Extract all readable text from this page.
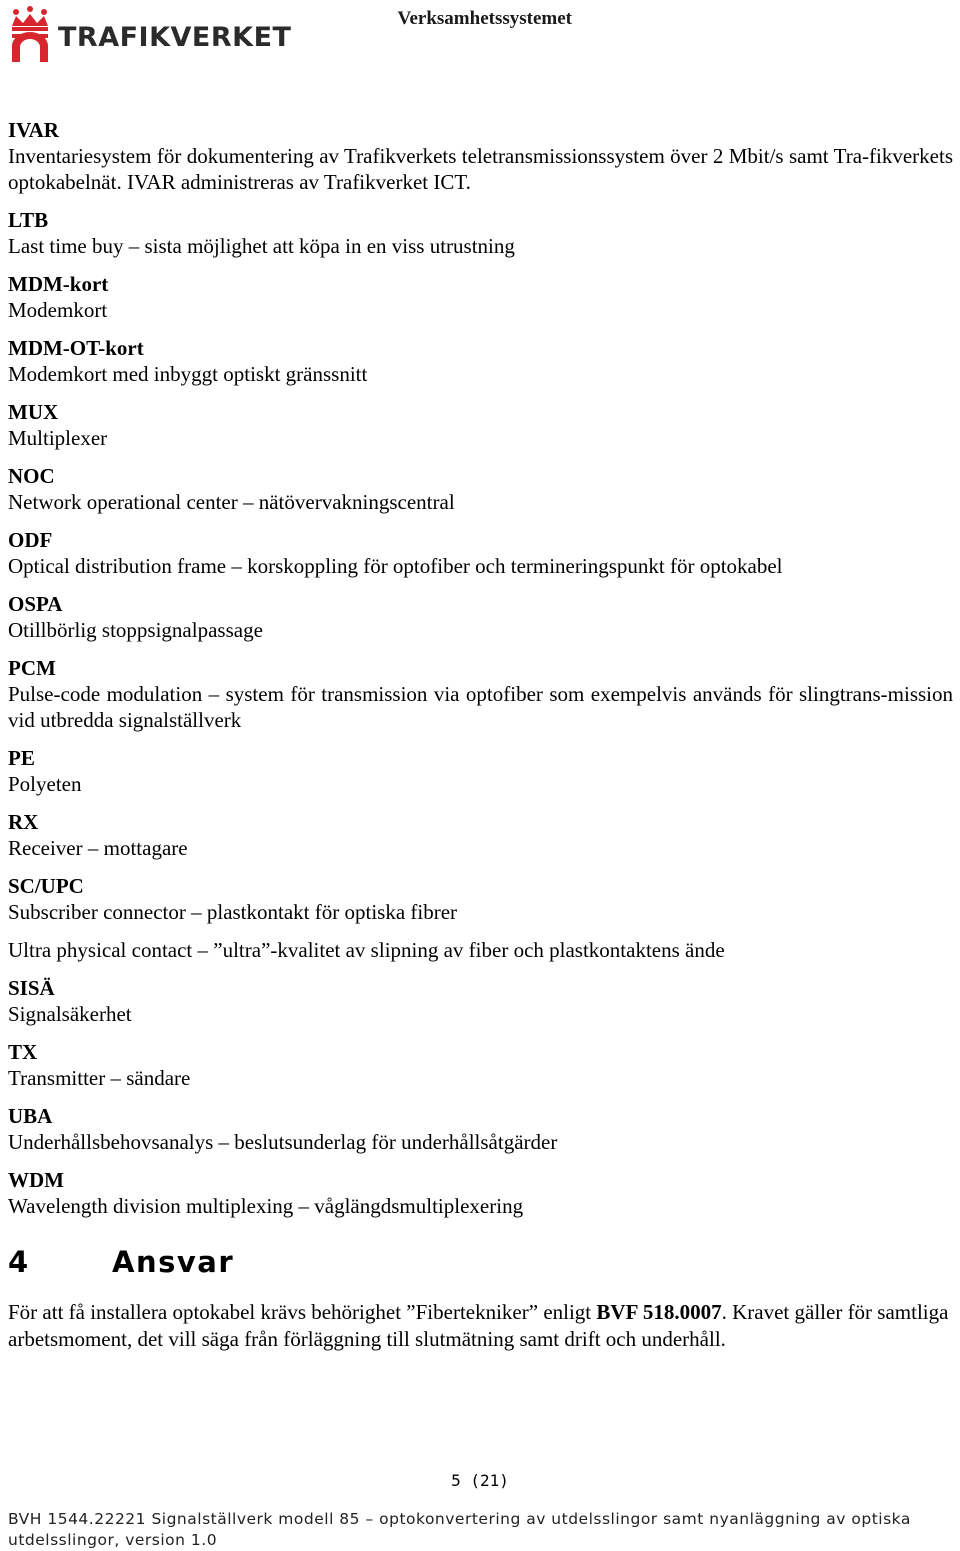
TRAFIKVERKET
Verksamhetssystemet
IVAR
Inventariesystem för dokumentering av Trafikverkets teletransmissionssystem över 2 Mbit/s samt Tra-fikverkets optokabelnät. IVAR administreras av Trafikverket ICT.
LTB
Last time buy – sista möjlighet att köpa in en viss utrustning
MDM-kort
Modemkort
MDM-OT-kort
Modemkort med inbyggt optiskt gränssnitt
MUX
Multiplexer
NOC
Network operational center – nätövervakningscentral
ODF
Optical distribution frame – korskoppling för optofiber och termineringspunkt för optokabel
OSPA
Otillbörlig stoppsignalpassage
PCM
Pulse-code modulation – system för transmission via optofiber som exempelvis används för slingtrans-mission vid utbredda signalställverk
PE
Polyeten
RX
Receiver – mottagare
SC/UPC
Subscriber connector – plastkontakt för optiska fibrer
Ultra physical contact – ”ultra”-kvalitet av slipning av fiber och plastkontaktens ände
SISÄ
Signalsäkerhet
TX
Transmitter – sändare
UBA
Underhållsbehovsanalys – beslutsunderlag för underhållsåtgärder
WDM
Wavelength division multiplexing – våglängdsmultiplexering
4	Ansvar
För att få installera optokabel krävs behörighet ”Fibertekniker” enligt BVF 518.0007. Kravet gäller för samtliga arbetsmoment, det vill säga från förläggning till slutmätning samt drift och underhåll.
5 (21)
BVH 1544.22221 Signalställverk modell 85 – optokonvertering av utdelsslingor samt nyanläggning av optiska utdelsslingor, version 1.0
